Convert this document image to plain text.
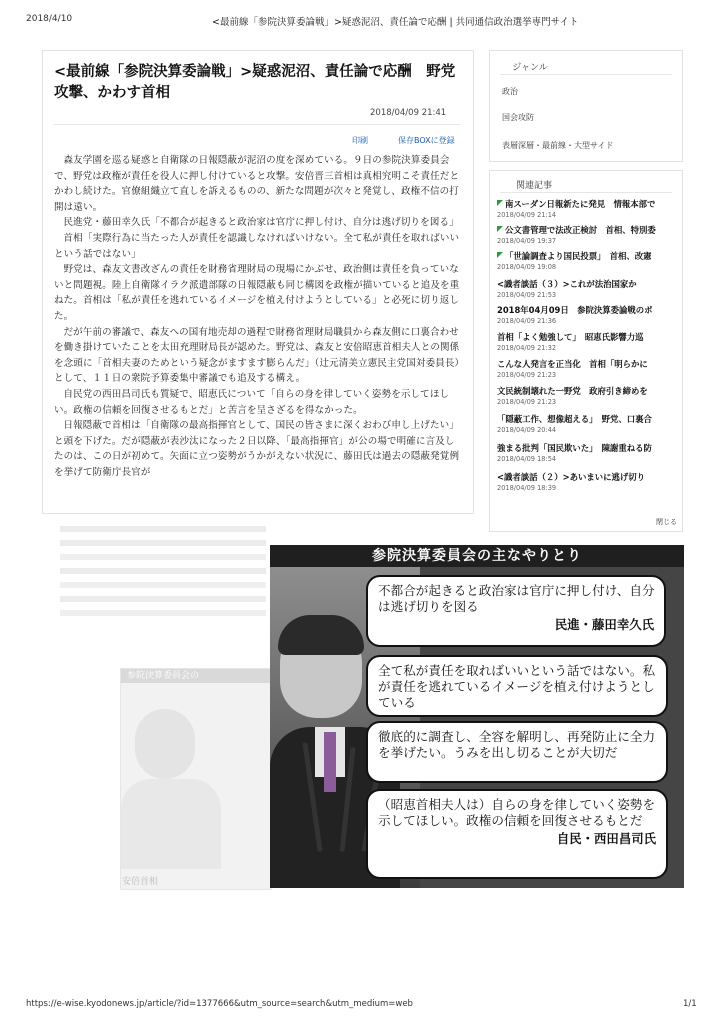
2018/4/10	<最前線「参院決算委論戦」>疑惑泥沼、責任論で応酬 | 共同通信政治選挙専門サイト
<最前線「参院決算委論戦」>疑惑泥沼、責任論で応酬　野党攻撃、かわす首相
2018/04/09 21:41
印刷	保存BOXに登録

森友学園を巡る疑惑と自衛隊の日報隠蔽が泥沼の度を深めている。９日の参院決算委員会で、野党は政権が責任を役人に押し付けていると攻撃。安倍晋三首相は真相究明こそ責任だとかわし続けた。官僚組織立て直しを訴えるものの、新たな問題が次々と発覚し、政権不信の打開は遠い。

民進党・藤田幸久氏「不都合が起きると政治家は官庁に押し付け、自分は逃げ切りを図る」

首相「実際行為に当たった人が責任を認識しなければいけない。全て私が責任を取ればいいという話ではない」

野党は、森友文書改ざんの責任を財務省理財局の現場にかぶせ、政治側は責任を負っていないと問題視。陸上自衛隊イラク派遣部隊の日報隠蔽も同じ構図を政権が描いていると追及を重ねた。首相は「私が責任を逃れているイメージを植え付けようとしている」と必死に切り返した。

だが午前の審議で、森友への国有地売却の過程で財務省理財局職員から森友側に口裏合わせを働き掛けていたことを太田充理財局長が認めた。野党は、森友と安倍昭恵首相夫人との関係を念頭に「首相夫妻のためという疑念がますます膨らんだ」（辻元清美立憲民主党国対委員長）として、１１日の衆院予算委集中審議でも追及する構え。

自民党の西田昌司氏も質疑で、昭恵氏について「自らの身を律していく姿勢を示してほしい。政権の信頼を回復させるもとだ」と苦言を呈さざるを得なかった。

日報隠蔽で首相は「自衛隊の最高指揮官として、国民の皆さまに深くおわび申し上げたい」と頭を下げた。だが隠蔽が表沙汰になった２日以降、「最高指揮官」が公の場で明確に言及したのは、この日が初めて。矢面に立つ姿勢がうかがえない状況に、藤田氏は過去の隠蔽発覚例を挙げて防衛庁長官が

ジャンル
政治
国会攻防
表層深層・最前線・大型サイド
関連記事
南スーダン日報新たに発見　情報本部で
2018/04/09 21:14
公文書管理で法改正検討　首相、特別委
2018/04/09 19:37
「世論調査より国民投票」　首相、改憲
2018/04/09 19:08
<識者談話（３）>これが法治国家か
2018/04/09 21:53
2018年04月09日　参院決算委論戦のポ
2018/04/09 21:36
首相「よく勉強して」　昭恵氏影響力巡
2018/04/09 21:32
こんな人発言を正当化　首相「明らかに
2018/04/09 21:23
文民統制壊れた一野党　政府引き締めを
2018/04/09 21:23
「隠蔽工作、想像超える」　野党、口裏合
2018/04/09 20:44
強まる批判「国民欺いた」　陳謝重ねる防
2018/04/09 18:54
<識者談話（２）>あいまいに逃げ切り
2018/04/09 18:39
閉じる
参院決算委員会の
安倍首相
参院決算委員会の主なやりとり
安倍首相
不都合が起きると政治家は官庁に押し付け、自分は逃げ切りを図る
民進・藤田幸久氏
全て私が責任を取ればいいという話ではない。私が責任を逃れているイメージを植え付けようとしている
徹底的に調査し、全容を解明し、再発防止に全力を挙げたい。うみを出し切ることが大切だ
（昭恵首相夫人は）自らの身を律していく姿勢を示してほしい。政権の信頼を回復させるもとだ
自民・西田昌司氏
https://e-wise.kyodonews.jp/article/?id=1377666&utm_source=search&utm_medium=web	1/1
